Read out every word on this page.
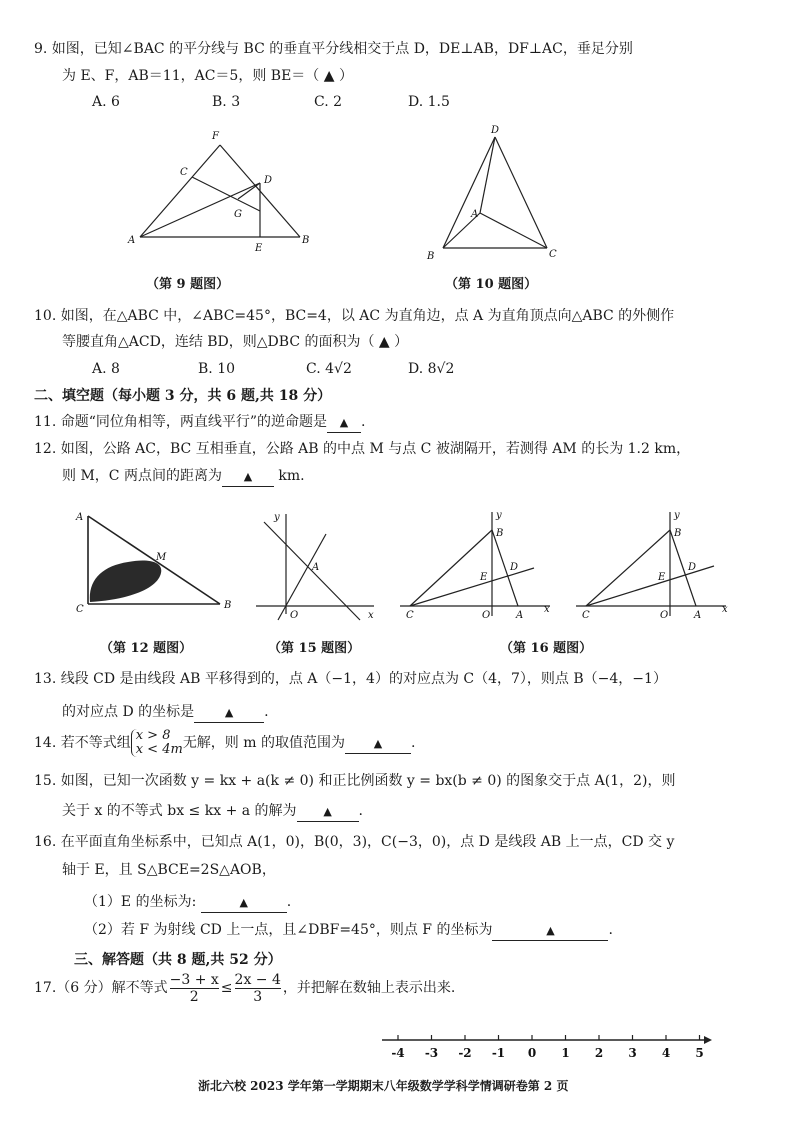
9. 如图，已知∠BAC 的平分线与 BC 的垂直平分线相交于点 D，DE⊥AB，DF⊥AC，垂足分别
为 E、F，AB＝11，AC＝5，则 BE＝（ ▲ ）
A. 6	B. 3	C. 2	D. 1.5
F
C
D
G
A
E
B
（第 9 题图）
D
A
B	C
（第 10 题图）
10. 如图，在△ABC 中，∠ABC=45°，BC=4，以 AC 为直角边，点 A 为直角顶点向△ABC 的外侧作
等腰直角△ACD，连结 BD，则△DBC 的面积为（ ▲ ）
A. 8	B. 10	C. 4√2	D. 8√2
二、填空题（每小题 3 分，共 6 题,共 18 分）
11. 命题“同位角相等，两直线平行”的逆命题是 ▲ .
12. 如图，公路 AC，BC 互相垂直，公路 AB 的中点 M 与点 C 被湖隔开，若测得 AM 的长为 1.2 km，
则 M，C 两点间的距离为 ▲ km.
A
M
C	B
（第 12 题图）
y
A
O	x
（第 15 题图）
y
B
D
E
C	O	A
x
y
B
D
E
C	O	A
x
（第 16 题图）
13. 线段 CD 是由线段 AB 平移得到的，点 A（−1，4）的对应点为 C（4，7），则点 B（−4，−1）
的对应点 D 的坐标是	▲ .
14. 若不等式组 x > 8
x < 4m 无解，则 m 的取值范围为	▲ .
15. 如图，已知一次函数 y = kx + a(k ≠ 0) 和正比例函数 y = bx(b ≠ 0) 的图象交于点 A(1，2)，则
关于 x 的不等式 bx ≤ kx + a 的解为 ▲ .
16. 在平面直角坐标系中，已知点 A(1，0)，B(0，3)，C(−3，0)，点 D 是线段 AB 上一点，CD 交 y
轴于 E，且 S△BCE=2S△AOB，
（1）E 的坐标为:	▲	.
（2）若 F 为射线 CD 上一点，且∠DBF=45°，则点 F 的坐标为	▲	.
三、解答题（共 8 题,共 52 分）
17.（6 分）解不等式 $\frac{-3 + x}{2} \le \frac{2x - 4}{3}$ ，并把解在数轴上表示出来.
-4 -3 -2 -1 0 1 2 3 4 5
浙北六校 2023 学年第一学期期末八年级数学学科学情调研卷第 2 页
